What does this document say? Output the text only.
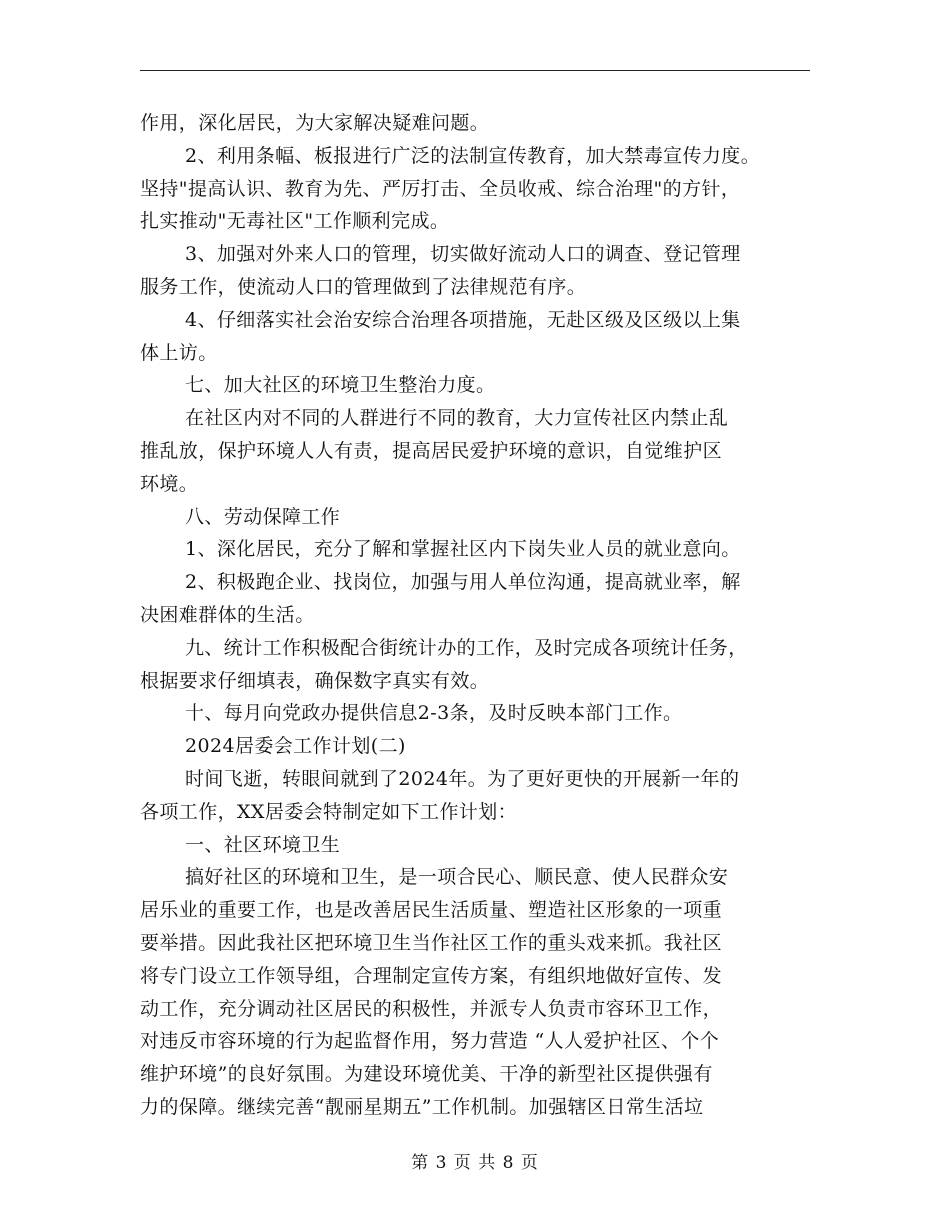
作用，深化居民，为大家解决疑难问题。
2、利用条幅、板报进行广泛的法制宣传教育，加大禁毒宣传力度。
坚持"提高认识、教育为先、严厉打击、全员收戒、综合治理"的方针，
扎实推动"无毒社区"工作顺利完成。
3、加强对外来人口的管理，切实做好流动人口的调查、登记管理
服务工作，使流动人口的管理做到了法律规范有序。
4、仔细落实社会治安综合治理各项措施，无赴区级及区级以上集
体上访。
七、加大社区的环境卫生整治力度。
在社区内对不同的人群进行不同的教育，大力宣传社区内禁止乱
推乱放，保护环境人人有责，提高居民爱护环境的意识，自觉维护区
环境。
八、劳动保障工作
1、深化居民，充分了解和掌握社区内下岗失业人员的就业意向。
2、积极跑企业、找岗位，加强与用人单位沟通，提高就业率，解
决困难群体的生活。
九、统计工作积极配合街统计办的工作，及时完成各项统计任务，
根据要求仔细填表，确保数字真实有效。
十、每月向党政办提供信息2-3条，及时反映本部门工作。
2024居委会工作计划(二)
时间飞逝，转眼间就到了2024年。为了更好更快的开展新一年的
各项工作，XX居委会特制定如下工作计划：
一、社区环境卫生
搞好社区的环境和卫生，是一项合民心、顺民意、使人民群众安
居乐业的重要工作，也是改善居民生活质量、塑造社区形象的一项重
要举措。因此我社区把环境卫生当作社区工作的重头戏来抓。我社区
将专门设立工作领导组，合理制定宣传方案，有组织地做好宣传、发
动工作，充分调动社区居民的积极性，并派专人负责市容环卫工作，
对违反市容环境的行为起监督作用，努力营造 “人人爱护社区、个个
维护环境”的良好氛围。为建设环境优美、干净的新型社区提供强有
力的保障。继续完善“靓丽星期五”工作机制。加强辖区日常生活垃
第 3 页 共 8 页
